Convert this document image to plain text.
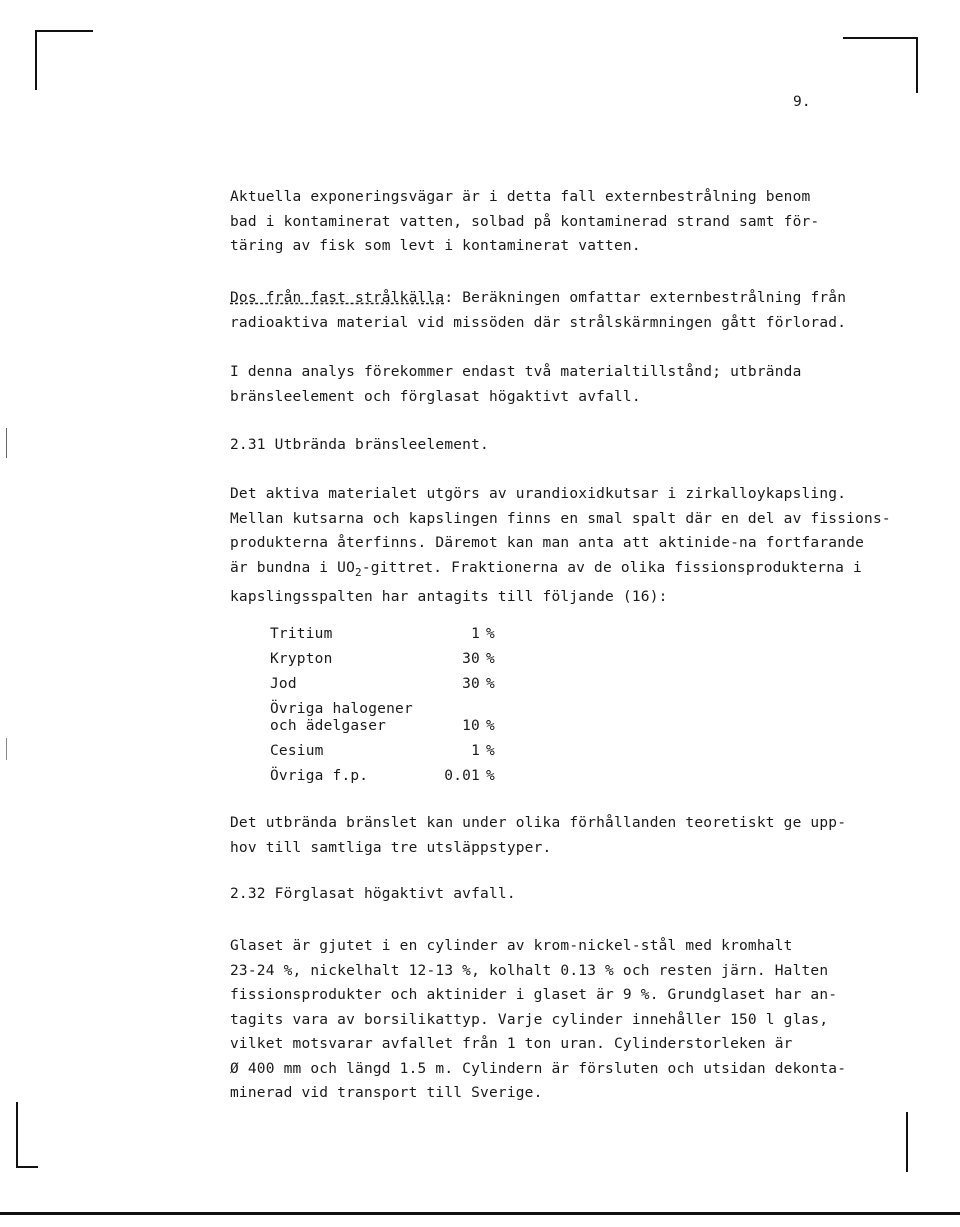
9.

Aktuella exponeringsvägar är i detta fall externbestrålning benom

bad i kontaminerat vatten, solbad på kontaminerad strand samt för-

täring av fisk som levt i kontaminerat vatten.

Dos från fast strålkälla: Beräkningen omfattar externbestrålning från

radioaktiva material vid missöden där strålskärmningen gått förlorad.

I denna analys förekommer endast två materialtillstånd; utbrända

bränsleelement och förglasat högaktivt avfall.

2.31 Utbrända bränsleelement.

Det aktiva materialet utgörs av urandioxidkutsar i zirkalloykapsling.

Mellan kutsarna och kapslingen finns en smal spalt där en del av fissions-

produkterna återfinns. Däremot kan man anta att aktinide-na fortfarande

är bundna i $UO_2$-gittret. Fraktionerna av de olika fissionsprodukterna i

kapslingsspalten har antagits till följande (16):

Tritium	1	%
Krypton	30	%
Jod	30	%
Övriga halogener
och ädelgaser	10	%
Cesium	1	%
Övriga f.p.	0.01	%

Det utbrända bränslet kan under olika förhållanden teoretiskt ge upp-

hov till samtliga tre utsläppstyper.

2.32 Förglasat högaktivt avfall.

Glaset är gjutet i en cylinder av krom-nickel-stål med kromhalt

23-24 %, nickelhalt 12-13 %, kolhalt 0.13 % och resten järn. Halten

fissionsprodukter och aktinider i glaset är 9 %. Grundglaset har an-

tagits vara av borsilikattyp. Varje cylinder innehåller 150 l glas,

vilket motsvarar avfallet från 1 ton uran. Cylinderstorleken är

Ø 400 mm och längd 1.5 m. Cylindern är försluten och utsidan dekonta-

minerad vid transport till Sverige.
